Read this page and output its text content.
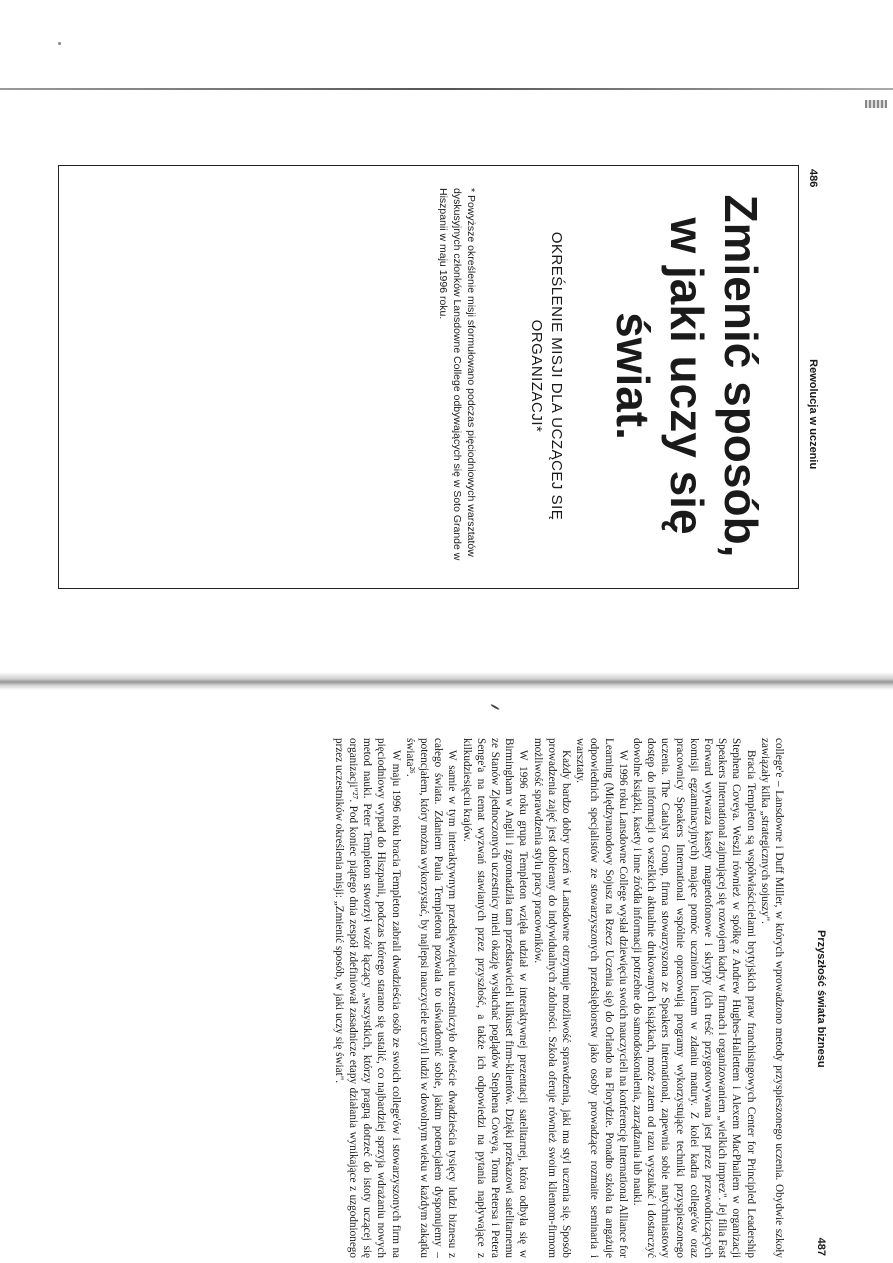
486
Rewolucja w uczeniu
Zmienić sposób,
w jaki uczy się
świat.
OKREŚLENIE MISJI DLA UCZĄCEJ SIĘ
ORGANIZACJI*
* Powyższe określenie misji sformułowano podczas pięciodniowych warsztatów dyskusyjnych członków Lansdowne College odbywających się w Soto Grande w Hiszpanii w maju 1996 roku.
Przyszłość świata biznesu
487

college'e – Lansdowne i Duff Miller, w których wprowadzono metody przyspieszonego uczenia. Obydwie szkoły zawiązały kilka „strategicznych sojuszy".

Bracia Templeton są współwłaścicielami brytyjskich praw franchisingowych Center for Principled Leadership Stephena Coveya. Weszli również w spółkę z Andrew Hughes-Hallettem i Alexem MacPhailem w organizacji Speakers International zajmującej się rozwojem kadry w firmach i organizowaniem „wielkich imprez". Jej filia Fast Forward wytwarza kasety magnetofonowe i skrypty (ich treść przygotowywana jest przez przewodniczących komisji egzaminacyjnych) mające pomóc uczniom liceum w zdaniu matury. Z kolei kadra college'ów oraz pracownicy Speakers International wspólnie opracowują programy wykorzystujące techniki przyspieszonego uczenia. The Catalyst Group, firma stowarzyszona ze Speakers International, zapewnia sobie natychmiastowy dostęp do informacji o wszelkich aktualnie drukowanych książkach, może zatem od razu wyszukać i dostarczyć dowolne książki, kasety i inne źródła informacji potrzebne do samodoskonalenia, zarządzania lub nauki.

W 1996 roku Lansdowne College wysłał dziewięciu swoich nauczycieli na konferencję International Alliance for Learning (Międzynarodowy Sojusz na Rzecz Uczenia się) do Orlando na Florydzie. Ponadto szkoła ta angażuje odpowiednich specjalistów ze stowarzyszonych przedsiębiorstw jako osoby prowadzące rozmaite seminaria i warsztaty.

Każdy bardzo dobry uczeń w Lansdowne otrzymuje możliwość sprawdzenia, jaki ma styl uczenia się. Sposób prowadzenia zajęć jest dobierany do indywidualnych zdolności. Szkoła oferuje również swoim klientom-firmom możliwość sprawdzenia stylu pracy pracowników.

W 1996 roku grupa Templeton wzięła udział w interaktywnej prezentacji satelitarnej, która odbyła się w Birmingham w Anglii i zgromadziła tam przedstawicieli kilkuset firm-klientów. Dzięki przekazowi satelitarnemu ze Stanów Zjednoczonych uczestnicy mieli okazję wysłuchać poglądów Stephena Coveya, Toma Petersa i Petera Senge'a na temat wyzwań stawianych przez przyszłość, a także ich odpowiedzi na pytania napływające z kilkudziesięciu krajów.

W samie w tym interaktywnym przedsięwzięciu uczestniczyło dwieście dwadzieścia tysięcy ludzi biznesu z całego świata. Zdaniem Paula Templetona pozwala to uświadomić sobie, jakim potencjałem dysponujemy – potencjałem, który można wykorzystać, by najlepsi nauczyciele uczyli ludzi w dowolnym wieku w każdym zakątku świata²⁶.

W maju 1996 roku bracia Templeton zabrali dwadzieścia osób ze swoich college'ów i stowarzyszonych firm na pięciodniowy wypad do Hiszpanii, podczas którego starano się ustalić, co najbardziej sprzyja wdrażaniu nowych metod nauki. Peter Templeton stworzył wzór łączący „wszystkich, którzy pragną dotrzeć do istoty uczącej się organizacji"²⁷. Pod koniec piątego dnia zespół zdefiniował zasadnicze etapy działania wynikające z uzgodnionego przez uczestników określenia misji: „Zmienić sposób, w jaki uczy się świat".
